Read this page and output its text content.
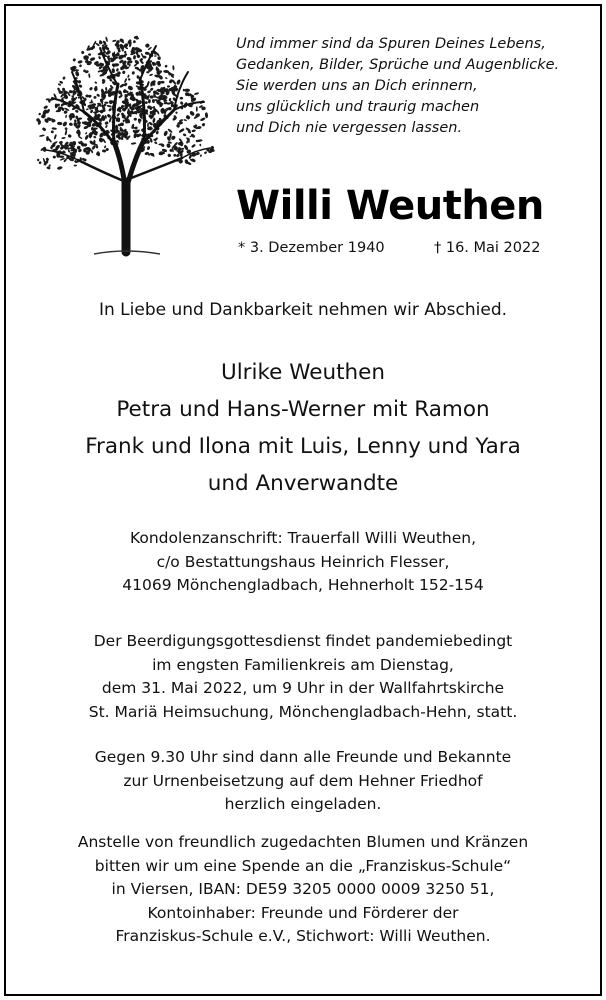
Und immer sind da Spuren Deines Lebens,
Gedanken, Bilder, Sprüche und Augenblicke.
Sie werden uns an Dich erinnern,
uns glücklich und traurig machen
und Dich nie vergessen lassen.
Willi Weuthen
* 3. Dezember 1940	† 16. Mai 2022
In Liebe und Dankbarkeit nehmen wir Abschied.
Ulrike Weuthen
Petra und Hans-Werner mit Ramon
Frank und Ilona mit Luis, Lenny und Yara
und Anverwandte
Kondolenzanschrift: Trauerfall Willi Weuthen,
c/o Bestattungshaus Heinrich Flesser,
41069 Mönchengladbach, Hehnerholt 152-154
Der Beerdigungsgottesdienst findet pandemiebedingt
im engsten Familienkreis am Dienstag,
dem 31. Mai 2022, um 9 Uhr in der Wallfahrtskirche
St. Mariä Heimsuchung, Mönchengladbach-Hehn, statt.
Gegen 9.30 Uhr sind dann alle Freunde und Bekannte
zur Urnenbeisetzung auf dem Hehner Friedhof
herzlich eingeladen.
Anstelle von freundlich zugedachten Blumen und Kränzen
bitten wir um eine Spende an die „Franziskus-Schule“
in Viersen, IBAN: DE59 3205 0000 0009 3250 51,
Kontoinhaber: Freunde und Förderer der
Franziskus-Schule e.V., Stichwort: Willi Weuthen.
